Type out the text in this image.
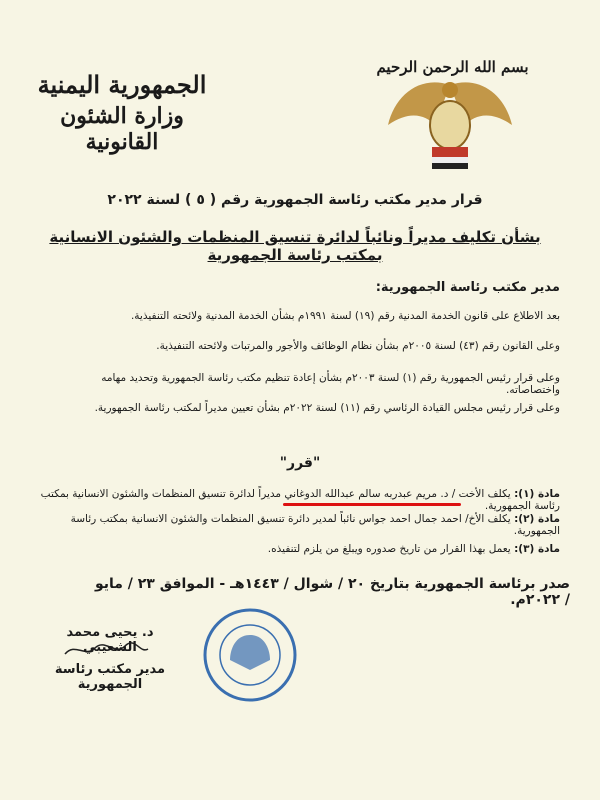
بسم الله الرحمن الرحيم
الجمهورية اليمنية
وزارة الشئون القانونية
قرار مدير مكتب رئاسة الجمهورية رقم ( ٥ ) لسنة ٢٠٢٢
بشأن تكليف مديراً ونائباً لدائرة تنسيق المنظمات والشئون الانسانية بمكتب رئاسة الجمهورية
مدير مكتب رئاسة الجمهورية:
بعد الاطلاع على قانون الخدمة المدنية رقم (١٩) لسنة ١٩٩١م بشأن الخدمة المدنية ولائحته التنفيذية.
وعلى القانون رقم (٤٣) لسنة ٢٠٠٥م بشأن نظام الوظائف والأجور والمرتبات ولائحته التنفيذية.
وعلى قرار رئيس الجمهورية رقم (١) لسنة ٢٠٠٣م بشأن إعادة تنظيم مكتب رئاسة الجمهورية وتحديد مهامه واختصاصاته.
وعلى قرار رئيس مجلس القيادة الرئاسي رقم (١١) لسنة ٢٠٢٢م بشأن تعيين مديراً لمكتب رئاسة الجمهورية.
"قرر"
مادة (١): يكلف الأخت / د. مريم عبدربه سالم عبدالله الدوغاني مديراً لدائرة تنسيق المنظمات والشئون الانسانية بمكتب رئاسة الجمهورية.
مادة (٢): يكلف الأخ/ احمد جمال احمد جواس نائباً لمدير دائرة تنسيق المنظمات والشئون الانسانية بمكتب رئاسة الجمهورية.
مادة (٣): يعمل بهذا القرار من تاريخ صدوره ويبلغ من يلزم لتنفيذه.
صدر برئاسة الجمهورية بتاريخ ٢٠ / شوال / ١٤٤٣هـ - الموافق ٢٣ / مايو / ٢٠٢٢م.
د. يحيى محمد الشعيبي
مدير مكتب رئاسة الجمهورية
